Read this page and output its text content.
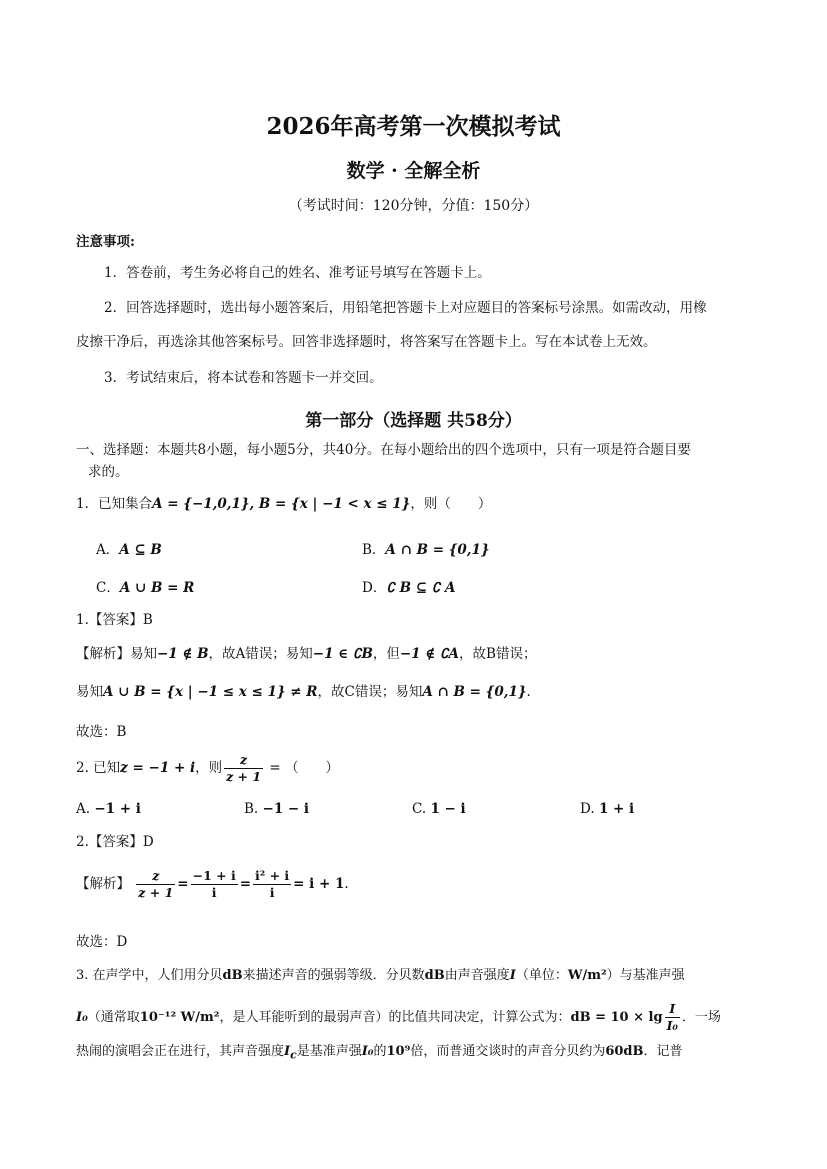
2026年高考第一次模拟考试
数学 · 全解全析
（考试时间：120分钟，分值：150分）
注意事项:
1．答卷前，考生务必将自己的姓名、准考证号填写在答题卡上。
2．回答选择题时，选出每小题答案后，用铅笔把答题卡上对应题目的答案标号涂黑。如需改动，用橡
皮擦干净后，再选涂其他答案标号。回答非选择题时，将答案写在答题卡上。写在本试卷上无效。
3．考试结束后，将本试卷和答题卡一并交回。
第一部分（选择题 共58分）
一、选择题：本题共8小题，每小题5分，共40分。在每小题给出的四个选项中，只有一项是符合题目要
求的。
1．已知集合A = {−1,0,1}, B = {x | −1 < x ≤ 1}，则（　　）
A．A ⊆ B	B．A ∩ B = {0,1}
C．A ∪ B = R	D．∁ B ⊆ ∁ A
1.【答案】B
【解析】易知−1 ∉ B，故A错误；易知−1 ∈ ∁B，但−1 ∉ ∁A，故B错误；
易知A ∪ B = {x | −1 ≤ x ≤ 1} ≠ R，故C错误；易知A ∩ B = {0,1}.
故选：B
2. 已知z = −1 + i，则 $\frac{z}{z + 1}$ = （　　）
A. −1 + i	B. −1 − i	C. 1 − i	D. 1 + i
2.【答案】D
【解析】 $\frac{z}{z + 1} = \frac{-1 + i}{i} = \frac{\text{i² + i}}{i} = i + 1$.
故选：D
3. 在声学中，人们用分贝dB来描述声音的强弱等级．分贝数dB由声音强度I（单位：W/m²）与基准声强
I₀（通常取10⁻¹² W/m²，是人耳能听到的最弱声音）的比值共同决定，计算公式为：dB = $10 \times \lg \frac{I}{\text{I₀}}$ ．一场
热闹的演唱会正在进行，其声音强度$I_c$是基准声强I₀的10⁹倍，而普通交谈时的声音分贝约为60dB．记普
